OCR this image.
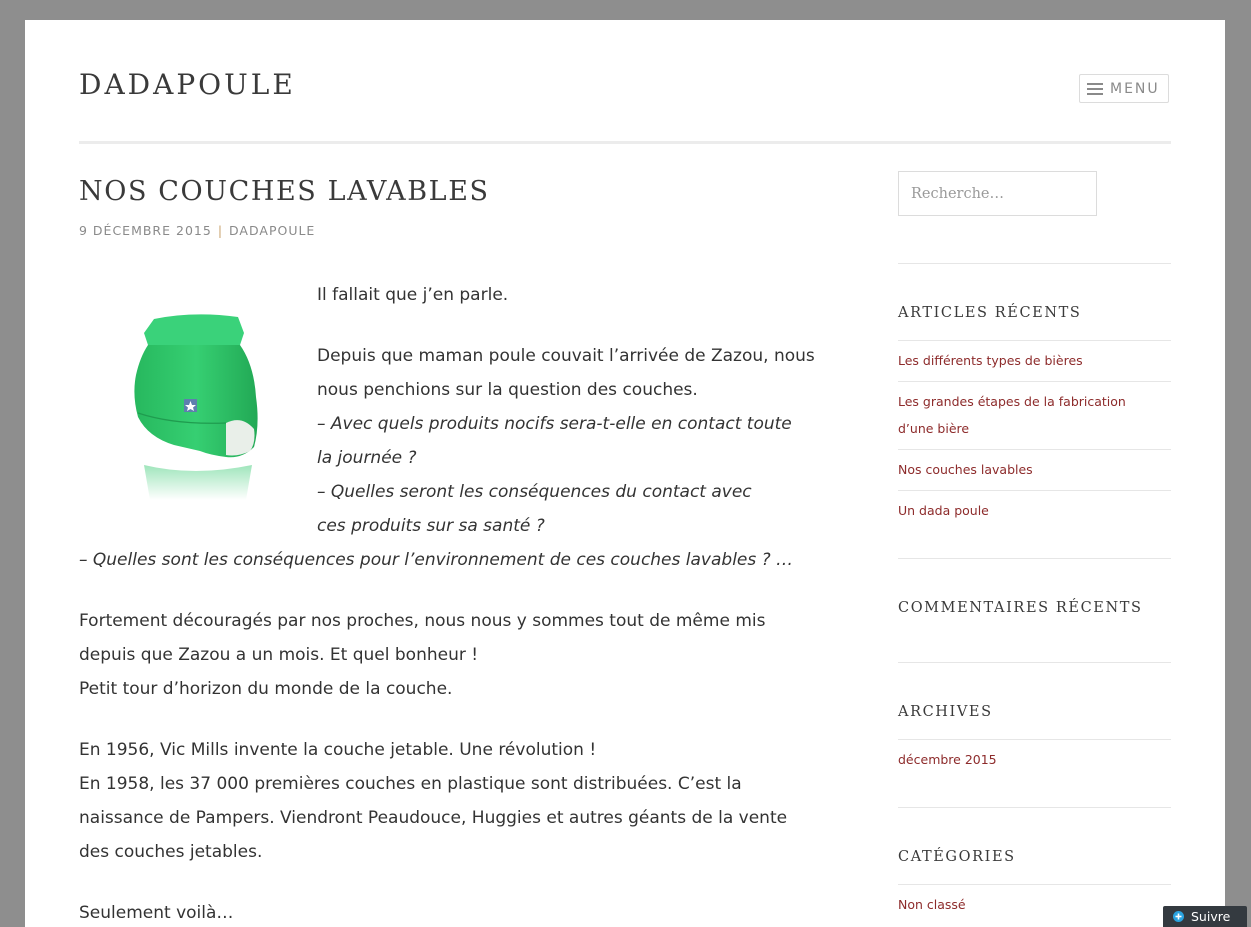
DADAPOULE	MENU
NOS COUCHES LAVABLES
9 DÉCEMBRE 2015 | DADAPOULE

Il fallait que j’en parle.

Depuis que maman poule couvait l’arrivée de Zazou, nous

nous penchions sur la question des couches.

– Avec quels produits nocifs sera-t-elle en contact toute

la journée ?

– Quelles seront les conséquences du contact avec

ces produits sur sa santé ?

– Quelles sont les conséquences pour l’environnement de ces couches lavables ? …

Fortement découragés par nos proches, nous nous y sommes tout de même mis

depuis que Zazou a un mois. Et quel bonheur !

Petit tour d’horizon du monde de la couche.

En 1956, Vic Mills invente la couche jetable. Une révolution !

En 1958, les 37 000 premières couches en plastique sont distribuées. C’est la

naissance de Pampers. Viendront Peaudouce, Huggies et autres géants de la vente

des couches jetables.

Seulement voilà…

Recherche…
ARTICLES RÉCENTS
Les différents types de bières
Les grandes étapes de la fabrication d’une bière
Nos couches lavables
Un dada poule
COMMENTAIRES RÉCENTS
ARCHIVES
décembre 2015
CATÉGORIES
Non classé
Suivre
